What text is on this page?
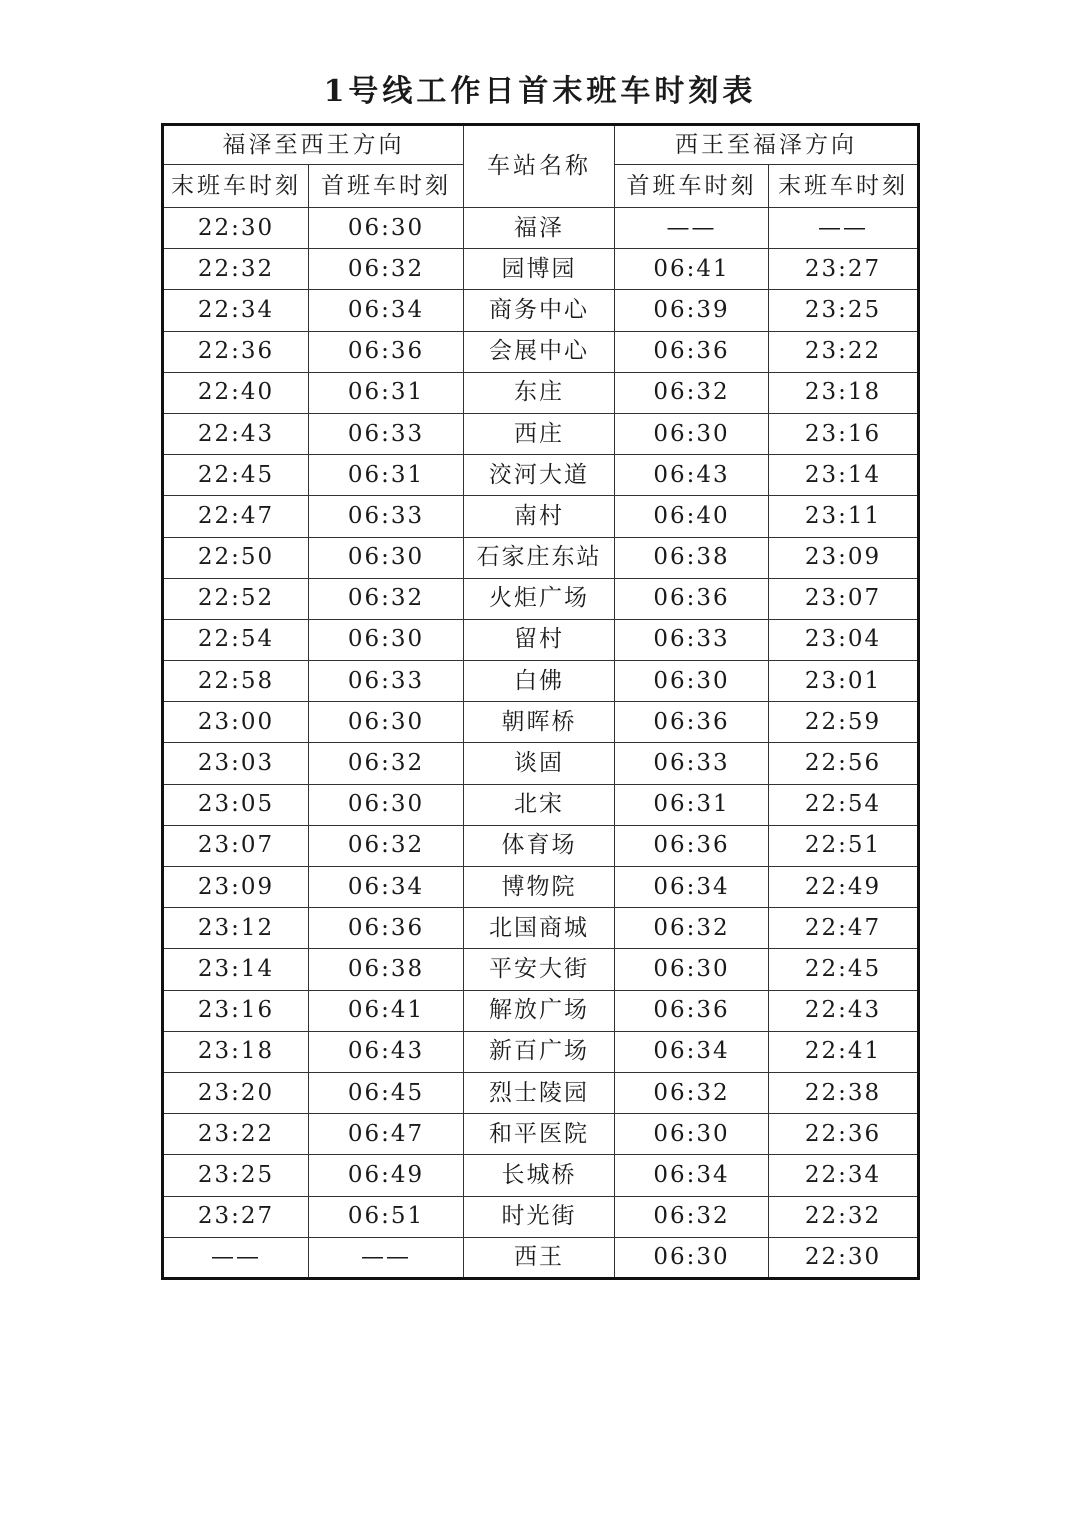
1号线工作日首末班车时刻表
福泽至西王方向		车站名称	西王至福泽方向	
末班车时刻	首班车时刻		首班车时刻	末班车时刻
22:30	06:30	福泽	——	——
22:32	06:32	园博园	06:41	23:27
22:34	06:34	商务中心	06:39	23:25
22:36	06:36	会展中心	06:36	23:22
22:40	06:31	东庄	06:32	23:18
22:43	06:33	西庄	06:30	23:16
22:45	06:31	洨河大道	06:43	23:14
22:47	06:33	南村	06:40	23:11
22:50	06:30	石家庄东站	06:38	23:09
22:52	06:32	火炬广场	06:36	23:07
22:54	06:30	留村	06:33	23:04
22:58	06:33	白佛	06:30	23:01
23:00	06:30	朝晖桥	06:36	22:59
23:03	06:32	谈固	06:33	22:56
23:05	06:30	北宋	06:31	22:54
23:07	06:32	体育场	06:36	22:51
23:09	06:34	博物院	06:34	22:49
23:12	06:36	北国商城	06:32	22:47
23:14	06:38	平安大街	06:30	22:45
23:16	06:41	解放广场	06:36	22:43
23:18	06:43	新百广场	06:34	22:41
23:20	06:45	烈士陵园	06:32	22:38
23:22	06:47	和平医院	06:30	22:36
23:25	06:49	长城桥	06:34	22:34
23:27	06:51	时光街	06:32	22:32
——	——	西王	06:30	22:30
